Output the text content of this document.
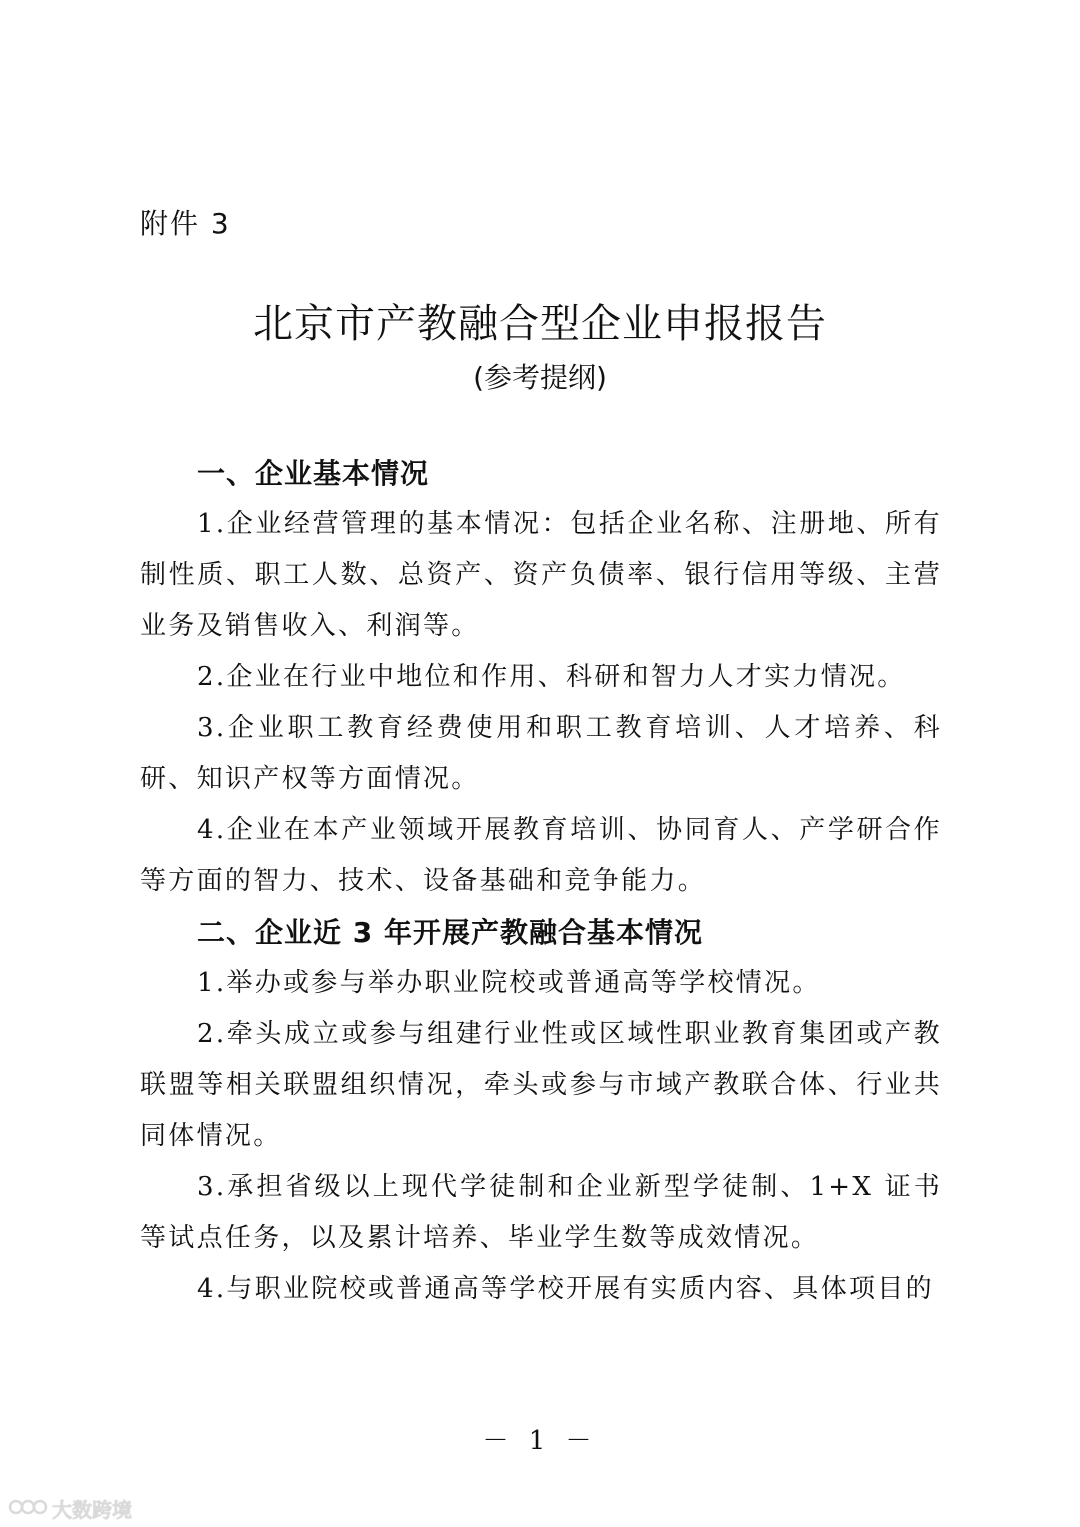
附件 3

北京市产教融合型企业申报报告

(参考提纲)

一、企业基本情况

1.企业经营管理的基本情况：包括企业名称、注册地、所有制性质、职工人数、总资产、资产负债率、银行信用等级、主营业务及销售收入、利润等。

2.企业在行业中地位和作用、科研和智力人才实力情况。

3.企业职工教育经费使用和职工教育培训、人才培养、科研、知识产权等方面情况。

4.企业在本产业领域开展教育培训、协同育人、产学研合作等方面的智力、技术、设备基础和竞争能力。

二、企业近 3 年开展产教融合基本情况

1.举办或参与举办职业院校或普通高等学校情况。

2.牵头成立或参与组建行业性或区域性职业教育集团或产教联盟等相关联盟组织情况，牵头或参与市域产教联合体、行业共同体情况。

3.承担省级以上现代学徒制和企业新型学徒制、1+X 证书等试点任务，以及累计培养、毕业学生数等成效情况。

4.与职业院校或普通高等学校开展有实质内容、具体项目的

－ 1 －

大数跨境
